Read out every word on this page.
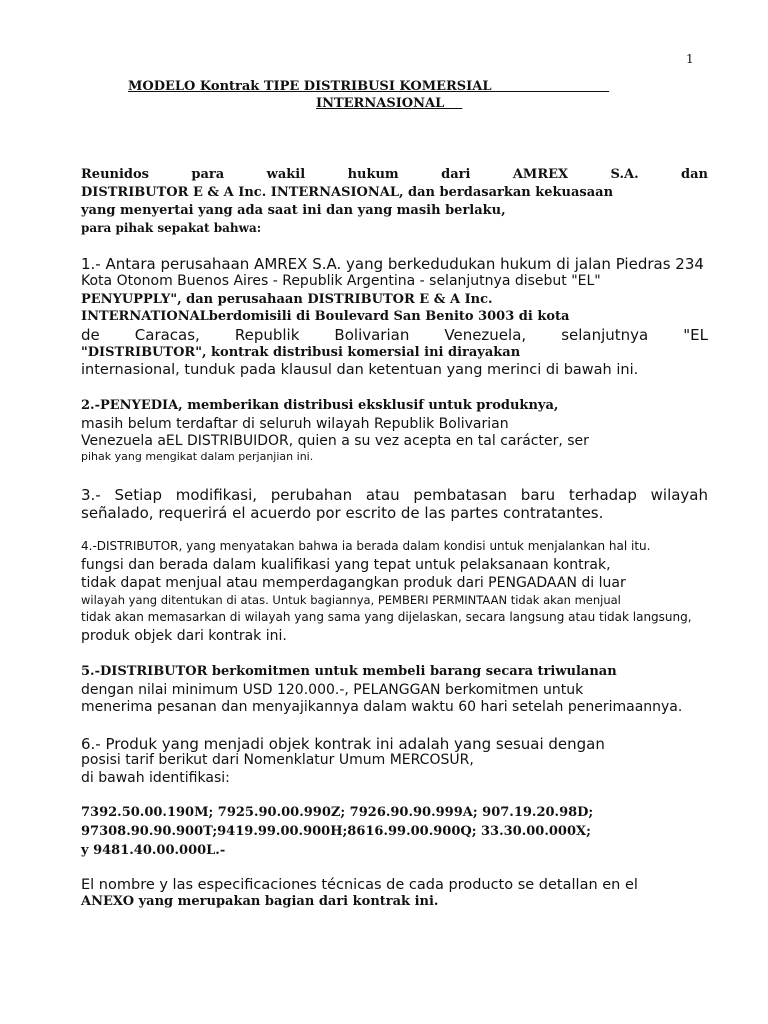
1
MODELO Kontrak TIPE DISTRIBUSI KOMERSIAL
INTERNASIONAL

Reunidos para wakil hukum dari AMREX S.A. dan

DISTRIBUTOR E & A Inc. INTERNASIONAL, dan berdasarkan kekuasaan

yang menyertai yang ada saat ini dan yang masih berlaku,

para pihak sepakat bahwa:

1.- Antara perusahaan AMREX S.A. yang berkedudukan hukum di jalan Piedras 234

Kota Otonom Buenos Aires - Republik Argentina - selanjutnya disebut "EL"

PENYUPPLY", dan perusahaan DISTRIBUTOR E & A Inc.

INTERNATIONALberdomisili di Boulevard San Benito 3003 di kota

de Caracas, Republik Bolivarian Venezuela, selanjutnya "EL

"DISTRIBUTOR", kontrak distribusi komersial ini dirayakan

internasional, tunduk pada klausul dan ketentuan yang merinci di bawah ini.

2.-PENYEDIA, memberikan distribusi eksklusif untuk produknya,

masih belum terdaftar di seluruh wilayah Republik Bolivarian

Venezuela aEL DISTRIBUIDOR, quien a su vez acepta en tal carácter, ser

pihak yang mengikat dalam perjanjian ini.

3.- Setiap modifikasi, perubahan atau pembatasan baru terhadap wilayah

señalado, requerirá el acuerdo por escrito de las partes contratantes.

4.-DISTRIBUTOR, yang menyatakan bahwa ia berada dalam kondisi untuk menjalankan hal itu.

fungsi dan berada dalam kualifikasi yang tepat untuk pelaksanaan kontrak,

tidak dapat menjual atau memperdagangkan produk dari PENGADAAN di luar

wilayah yang ditentukan di atas. Untuk bagiannya, PEMBERI PERMINTAAN tidak akan menjual

tidak akan memasarkan di wilayah yang sama yang dijelaskan, secara langsung atau tidak langsung,

produk objek dari kontrak ini.

5.-DISTRIBUTOR berkomitmen untuk membeli barang secara triwulanan

dengan nilai minimum USD 120.000.-, PELANGGAN berkomitmen untuk

menerima pesanan dan menyajikannya dalam waktu 60 hari setelah penerimaannya.

6.- Produk yang menjadi objek kontrak ini adalah yang sesuai dengan

posisi tarif berikut dari Nomenklatur Umum MERCOSUR,

di bawah identifikasi:

7392.50.00.190M; 7925.90.00.990Z; 7926.90.90.999A; 907.19.20.98D;

97308.90.90.900T;9419.99.00.900H;8616.99.00.900Q; 33.30.00.000X;

y 9481.40.00.000L.-

El nombre y las especificaciones técnicas de cada producto se detallan en el

ANEXO yang merupakan bagian dari kontrak ini.
